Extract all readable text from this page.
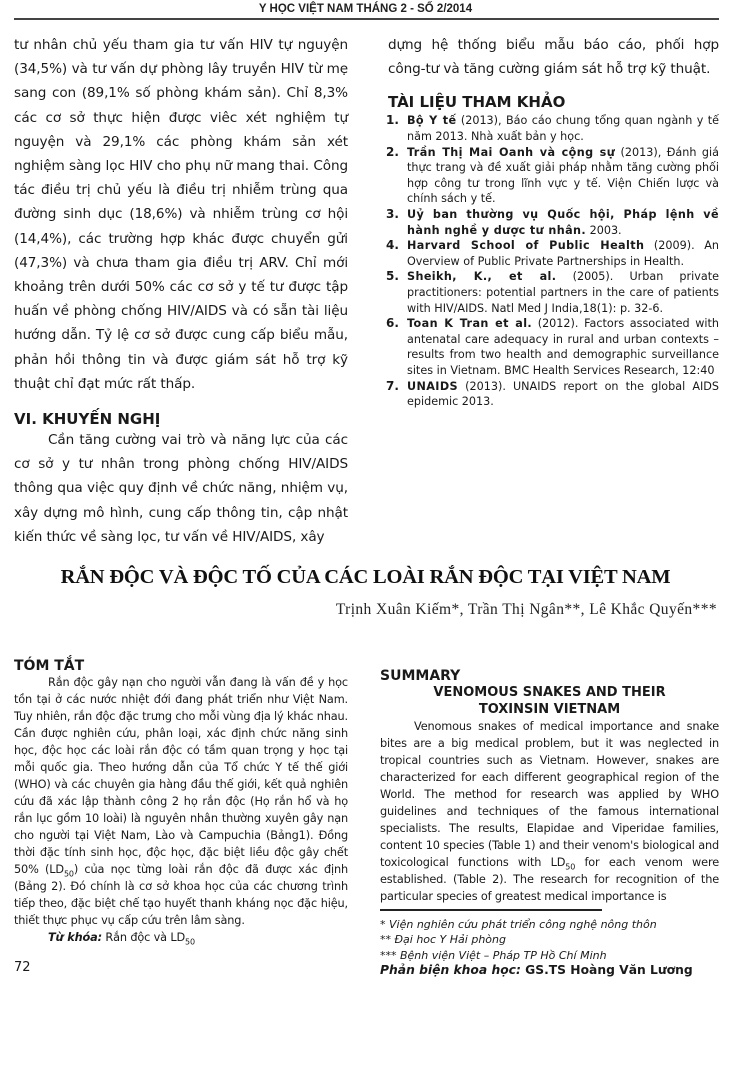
Y HỌC VIỆT NAM THÁNG 2 - SỐ 2/2014
tư nhân chủ yếu tham gia tư vấn HIV tự nguyện (34,5%) và tư vấn dự phòng lây truyền HIV từ mẹ sang con (89,1% số phòng khám sản). Chỉ 8,3% các cơ sở thực hiện được viêc xét nghiệm tự nguyện và 29,1% các phòng khám sản xét nghiệm sàng lọc HIV cho phụ nữ mang thai. Công tác điều trị chủ yếu là điều trị nhiễm trùng qua đường sinh dục (18,6%) và nhiễm trùng cơ hội (14,4%), các trường hợp khác được chuyển gửi (47,3%) và chưa tham gia điều trị ARV. Chỉ mới khoảng trên dưới 50% các cơ sở y tế tư được tập huấn về phòng chống HIV/AIDS và có sẵn tài liệu hướng dẫn. Tỷ lệ cơ sở được cung cấp biểu mẫu, phản hồi thông tin và được giám sát hỗ trợ kỹ thuật chỉ đạt mức rất thấp.
VI. KHUYẾN NGHỊ
Cần tăng cường vai trò và năng lực của các cơ sở y tư nhân trong phòng chống HIV/AIDS thông qua việc quy định về chức năng, nhiệm vụ, xây dựng mô hình, cung cấp thông tin, cập nhật kiến thức về sàng lọc, tư vấn về HIV/AIDS, xây
dựng hệ thống biểu mẫu báo cáo, phối hợp công-tư và tăng cường giám sát hỗ trợ kỹ thuật.
TÀI LIỆU THAM KHẢO
1. Bộ Y tế (2013), Báo cáo chung tổng quan ngành y tế năm 2013. Nhà xuất bản y học.
2. Trần Thị Mai Oanh và cộng sự (2013), Đánh giá thực trang và đề xuất giải pháp nhằm tăng cường phối hợp công tư trong lĩnh vực y tế. Viện Chiến lược và chính sách y tế.
3. Uỷ ban thường vụ Quốc hội, Pháp lệnh về hành nghề y dược tư nhân. 2003.
4. Harvard School of Public Health (2009). An Overview of Public Private Partnerships in Health.
5. Sheikh, K., et al. (2005). Urban private practitioners: potential partners in the care of patients with HIV/AIDS. Natl Med J India,18(1): p. 32-6.
6. Toan K Tran et al. (2012). Factors associated with antenatal care adequacy in rural and urban contexts – results from two health and demographic surveillance sites in Vietnam. BMC Health Services Research, 12:40
7. UNAIDS (2013). UNAIDS report on the global AIDS epidemic 2013.
RẮN ĐỘC VÀ ĐỘC TỐ CỦA CÁC LOÀI RẮN ĐỘC TẠI VIỆT NAM
Trịnh Xuân Kiếm*, Trần Thị Ngân**, Lê Khắc Quyến***
TÓM TẮT
Rắn độc gây nạn cho người vẫn đang là vấn đề y học tồn tại ở các nước nhiệt đới đang phát triển như Việt Nam. Tuy nhiên, rắn độc đặc trưng cho mỗi vùng địa lý khác nhau. Cần được nghiên cứu, phân loại, xác định chức năng sinh học, độc học các loài rắn độc có tầm quan trọng y học tại mỗi quốc gia. Theo hướng dẫn của Tổ chức Y tế thế giới (WHO) và các chuyên gia hàng đầu thế giới, kết quả nghiên cứu đã xác lập thành công 2 họ rắn độc (Họ rắn hổ và họ rắn lục gồm 10 loài) là nguyên nhân thường xuyên gây nạn cho người tại Việt Nam, Lào và Campuchia (Bảng1). Đồng thời đặc tính sinh học, độc học, đặc biệt liều độc gây chết 50% $(LD_{50})$ của nọc từng loài rắn độc đã được xác định (Bảng 2). Đó chính là cơ sở khoa học của các chương trình tiếp theo, đặc biệt chế tạo huyết thanh kháng nọc đặc hiệu, thiết thực phục vụ cấp cứu trên lâm sàng.
Từ khóa: Rắn độc và $LD_{50}$
72
SUMMARY
VENOMOUS SNAKES AND THEIR
TOXINSIN VIETNAM
Venomous snakes of medical importance and snake bites are a big medical problem, but it was neglected in tropical countries such as Vietnam. However, snakes are characterized for each different geographical region of the World. The method for research was applied by WHO guidelines and techniques of the famous international specialists. The results, Elapidae and Viperidae families, content 10 species (Table 1) and their venom's biological and toxicological functions with $LD_{50}$ for each venom were established. (Table 2). The research for recognition of the particular species of greatest medical importance is
* Viện nghiên cứu phát triển công nghệ nông thôn
** Đại hoc Y Hải phòng
*** Bệnh viện Việt – Pháp TP Hồ Chí Minh
Phản biện khoa học: GS.TS Hoàng Văn Lương
